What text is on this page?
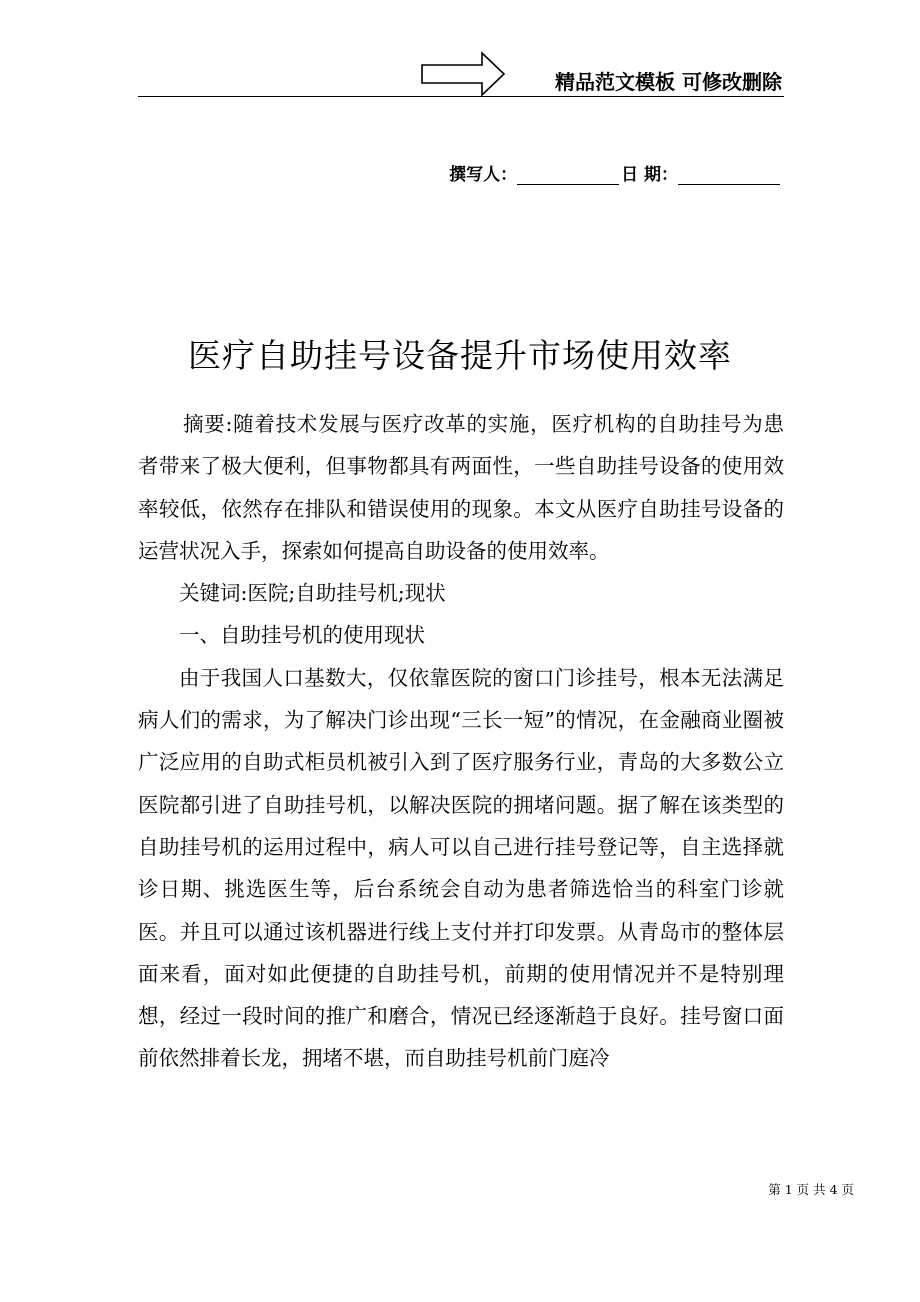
精品范文模板 可修改删除
撰写人：	日 期：
医疗自助挂号设备提升市场使用效率

摘要:随着技术发展与医疗改革的实施，医疗机构的自助挂号为患者带来了极大便利，但事物都具有两面性，一些自助挂号设备的使用效率较低，依然存在排队和错误使用的现象。本文从医疗自助挂号设备的运营状况入手，探索如何提高自助设备的使用效率。

关键词:医院;自助挂号机;现状

一、自助挂号机的使用现状

由于我国人口基数大，仅依靠医院的窗口门诊挂号，根本无法满足病人们的需求，为了解决门诊出现“三长一短”的情况，在金融商业圈被广泛应用的自助式柜员机被引入到了医疗服务行业，青岛的大多数公立医院都引进了自助挂号机，以解决医院的拥堵问题。据了解在该类型的自助挂号机的运用过程中，病人可以自己进行挂号登记等，自主选择就诊日期、挑选医生等，后台系统会自动为患者筛选恰当的科室门诊就医。并且可以通过该机器进行线上支付并打印发票。从青岛市的整体层面来看，面对如此便捷的自助挂号机，前期的使用情况并不是特别理想，经过一段时间的推广和磨合，情况已经逐渐趋于良好。挂号窗口面前依然排着长龙，拥堵不堪，而自助挂号机前门庭冷

第 1 页 共 4 页
